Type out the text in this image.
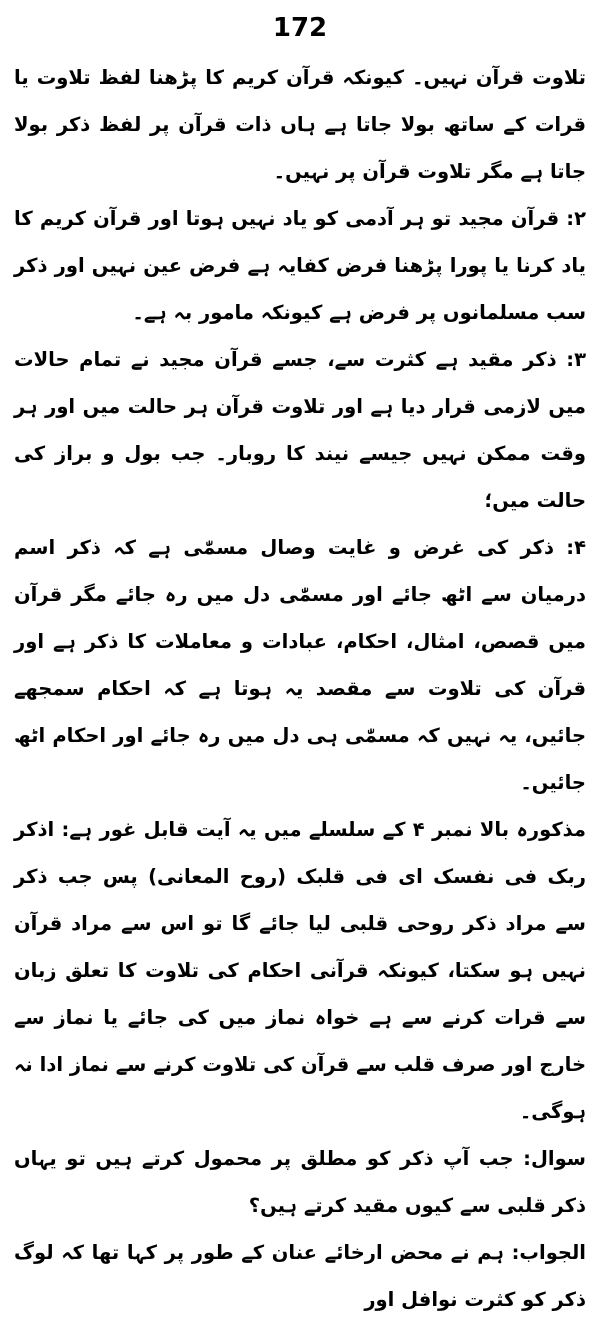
172

تلاوت قرآن نہیں۔ کیونکہ قرآن کریم کا پڑھنا لفظ تلاوت یا قرات کے ساتھ بولا جاتا ہے ہاں ذات قرآن پر لفظ ذکر بولا جاتا ہے مگر تلاوت قرآن پر نہیں۔

۲: قرآن مجید تو ہر آدمی کو یاد نہیں ہوتا اور قرآن کریم کا یاد کرنا یا پورا پڑھنا فرض کفایہ ہے فرض عین نہیں اور ذکر سب مسلمانوں پر فرض ہے کیونکہ مامور بہ ہے۔

۳: ذکر مقید ہے کثرت سے، جسے قرآن مجید نے تمام حالات میں لازمی قرار دیا ہے اور تلاوت قرآن ہر حالت میں اور ہر وقت ممکن نہیں جیسے نیند کا روبار۔ جب بول و براز کی حالت میں؛

۴: ذکر کی غرض و غایت وصال مسمّٰی ہے کہ ذکر اسم درمیان سے اٹھ جائے اور مسمّٰی دل میں رہ جائے مگر قرآن میں قصص، امثال، احکام، عبادات و معاملات کا ذکر ہے اور قرآن کی تلاوت سے مقصد یہ ہوتا ہے کہ احکام سمجھے جائیں، یہ نہیں کہ مسمّٰی ہی دل میں رہ جائے اور احکام اٹھ جائیں۔

مذکورہ بالا نمبر ۴ کے سلسلے میں یہ آیت قابل غور ہے: اذکر ربک فی نفسک ای فی قلبک (روح المعانی) پس جب ذکر سے مراد ذکر روحی قلبی لیا جائے گا تو اس سے مراد قرآن نہیں ہو سکتا، کیونکہ قرآنی احکام کی تلاوت کا تعلق زبان سے قرات کرنے سے ہے خواہ نماز میں کی جائے یا نماز سے خارج اور صرف قلب سے قرآن کی تلاوت کرنے سے نماز ادا نہ ہوگی۔

سوال: جب آپ ذکر کو مطلق پر محمول کرتے ہیں تو یہاں ذکر قلبی سے کیوں مقید کرتے ہیں؟

الجواب: ہم نے محض ارخائے عنان کے طور پر کہا تھا کہ لوگ ذکر کو کثرت نوافل اور
